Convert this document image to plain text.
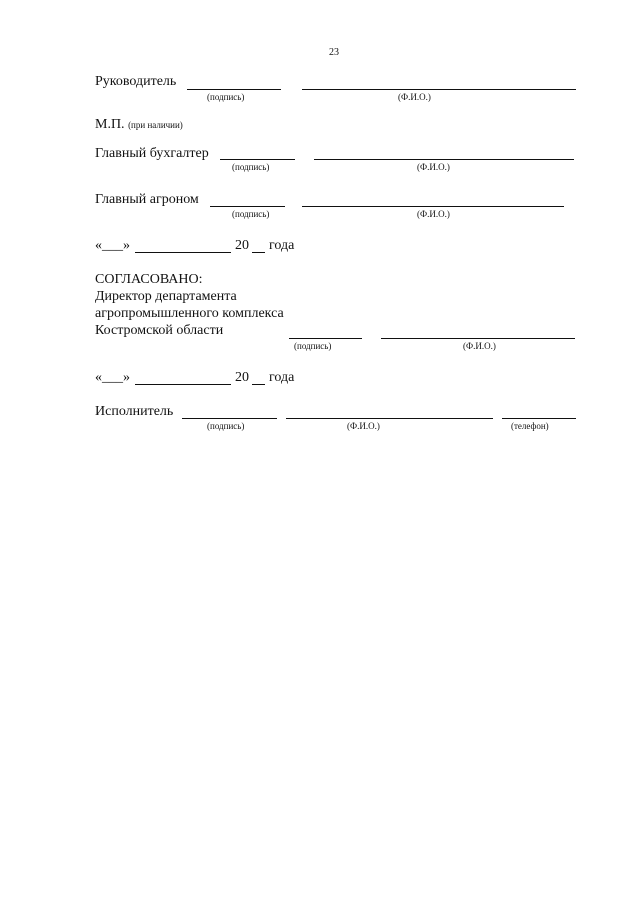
23
Руководитель
(подпись)	(Ф.И.О.)
М.П. (при наличии)
Главный бухгалтер
(подпись)	(Ф.И.О.)
Главный агроном
(подпись)	(Ф.И.О.)
«___»	20 года
СОГЛАСОВАНО:
Директор департамента
агропромышленного комплекса
Костромской области
(подпись)	(Ф.И.О.)
«___»	20 года
Исполнитель
(подпись)	(Ф.И.О.)	(телефон)
